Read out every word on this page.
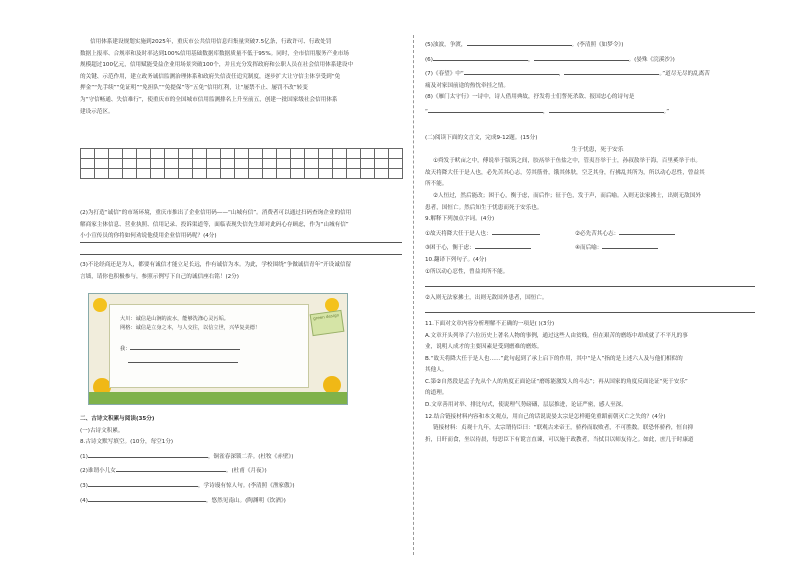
信用体系建设规划实施到2025年，重庆市公共信用信息归集量突破7.5亿条，行政许可、行政处罚

数据上报率、合规率和及时率达到100%信用基础数据库数据质量不低于95%。同时，全市信用服务产业市场

规模超过100亿元，信用赋能受益企业用场景突破100个，并且充分发挥政府和公职人员在社会信用体系建设中

的关键、示范作用，建立政务诚信监测治理体系和政府失信责任追究制度，逐步扩大让守信主体享受到“免

押金”“先手续”“免证明”“免担队”“免提保”等“五免”信用红利，让“屡禁不止、屡罚不改”转变

为“守信畅通、失信难行”，使重庆市的全国城市信用监测排名上升至前五，创建一批国家级社会信用体系

建设示范区。

(2)为打造“诚信”的市场环境，重庆市推出了企业信用码——“山城有信”。消费者可以通过扫码查询企业的信用

解商家主体信息、营业执照、信用记录、投诉渠道等，面临表现失信先生却对此码心存顾虑，作为“山城有信”

小小宣传员的你将如何劝说他使用企业信用码呢？(4分)

(3)不论经商还是为人，都要有诚信才能立足长远，作有诚信为本。为此，学校围绕“争做诚信青年”开设诚信留

言墙，请你也积极参与，参照示例写下自己的诚信座右铭！(2分)

二、古诗文积累与阅读(35分)

(一)古诗文积累。

8.古诗文默写填空。(10分，每空1分)

(1)	，铜雀春深锁二乔。(杜牧《赤壁》)

(2)谁谓小儿女	。(杜甫《月夜》)

(3)	，学诗谩有惊人句。(李清照《渔家傲》)

(4)	，悠然见南山。(陶渊明《饮酒》)

大川：诚信是山涧的流水，能够洗涤心灵污垢。

网格：诚信是立身之本，与人交往，以信立世，兴华复美德！

我：

green design

(5)浊波，争渡，	。(李清照《如梦令》)

(6)	，	。(晏殊《浣溪沙》)

(7)《春望》中“	，	。”道尽无尽的乱离苦

痛及对家国前途的热忱牵挂之情。

(8)《雁门太守行》一诗中，诗人借用典故，抒发将士们誓死杀敌、报国忠心的诗句是

“	，	。”

(二)阅读下面的文言文，完成9-12题。(15分)

生于忧患，死于安乐

①舜发于畎亩之中，傅说举于版筑之间，胶鬲举于鱼盐之中，管夷吾举于士，孙叔敖举于海，百里奚举于市。

故天将降大任于是人也，必先苦其心志，劳其筋骨，饿其体肤，空乏其身，行拂乱其所为，所以动心忍性，曾益其

所不能。

②人恒过，然后能改；困于心，衡于虑，而后作；征于色，发于声，而后喻。入则无法家拂士，出则无敌国外

患者，国恒亡。然后知生于忧患而死于安乐也。

9.解释下列加点字词。(4分)

①故天将降大任于是人也：	②必先苦其心志：

③困于心，衡于虑：	④而后喻：

10.翻译下列句子。(4分)

①所以动心忍性，曾益其所不能。

②入则无法家拂士，出则无敌国外患者，国恒亡。

11.下面对文章内容分析理解不正确的一项是( )(3分)

A.文章开头列举了六位历史上著名人物的事例，通过这些人由贫贱，但在艰苦的磨练中却成就了不平凡的事

业，说明人成才的主要因素是受到磨难的磨炼。

B.“故天将降大任于是人也……”此句起到了承上启下的作用，其中“是人”指的是上述六人及与他们相似的

其他人。

C.第②自然段是孟子先从个人的角度正面论证“磨练能激发人的斗志”；再从国家的角度反面论证“死于安乐”

的道理。

D.文章善用对举、排比句式，使说理气势磅礴，层层推进，论证严密，感人至深。

12.结合链接材料内容和本文观点，用自己的话说说晏太宗是怎样避免重蹈前朝灭亡之失的？(4分)

链接材料：贞观十九年，太宗谓侍臣曰：“联观古来帝王，骄矜而取败者，不可胜数。联恐怀骄矜，恒自抑

折，日旰而食，坐以待晨，每思臣下有谠言直谏，可以施于政教者，当拭目以师友待之。如此，庶几于时康道
